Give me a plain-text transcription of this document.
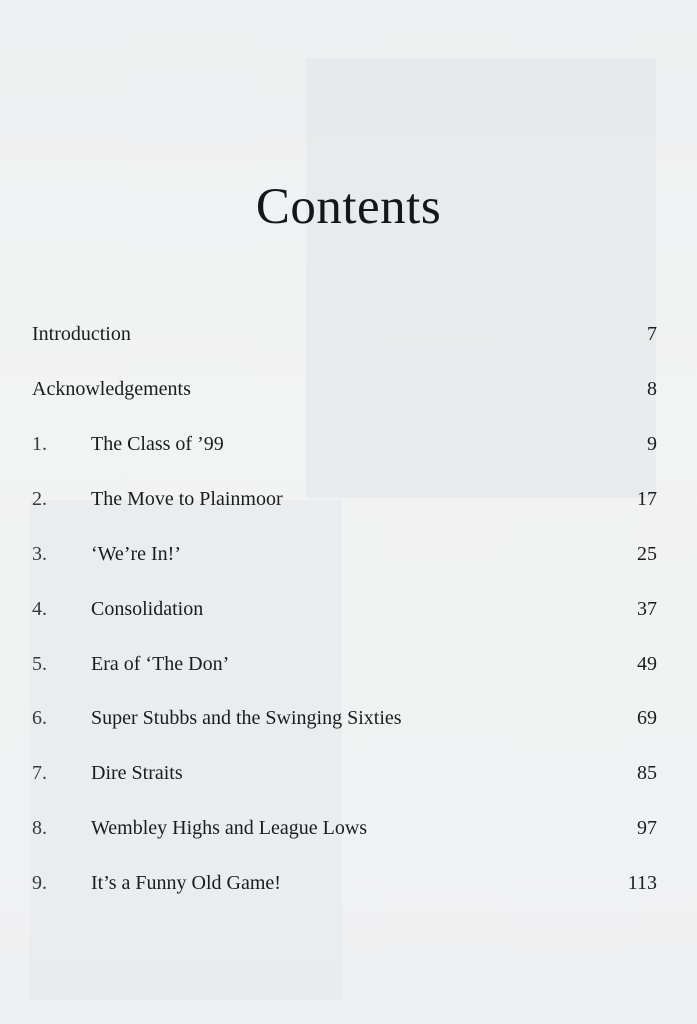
Contents
Introduction	7
Acknowledgements	8
1. The Class of ’99	9
2. The Move to Plainmoor	17
3. ‘We’re In!’	25
4. Consolidation	37
5. Era of ‘The Don’	49
6. Super Stubbs and the Swinging Sixties	69
7. Dire Straits	85
8. Wembley Highs and League Lows	97
9. It’s a Funny Old Game!	113
